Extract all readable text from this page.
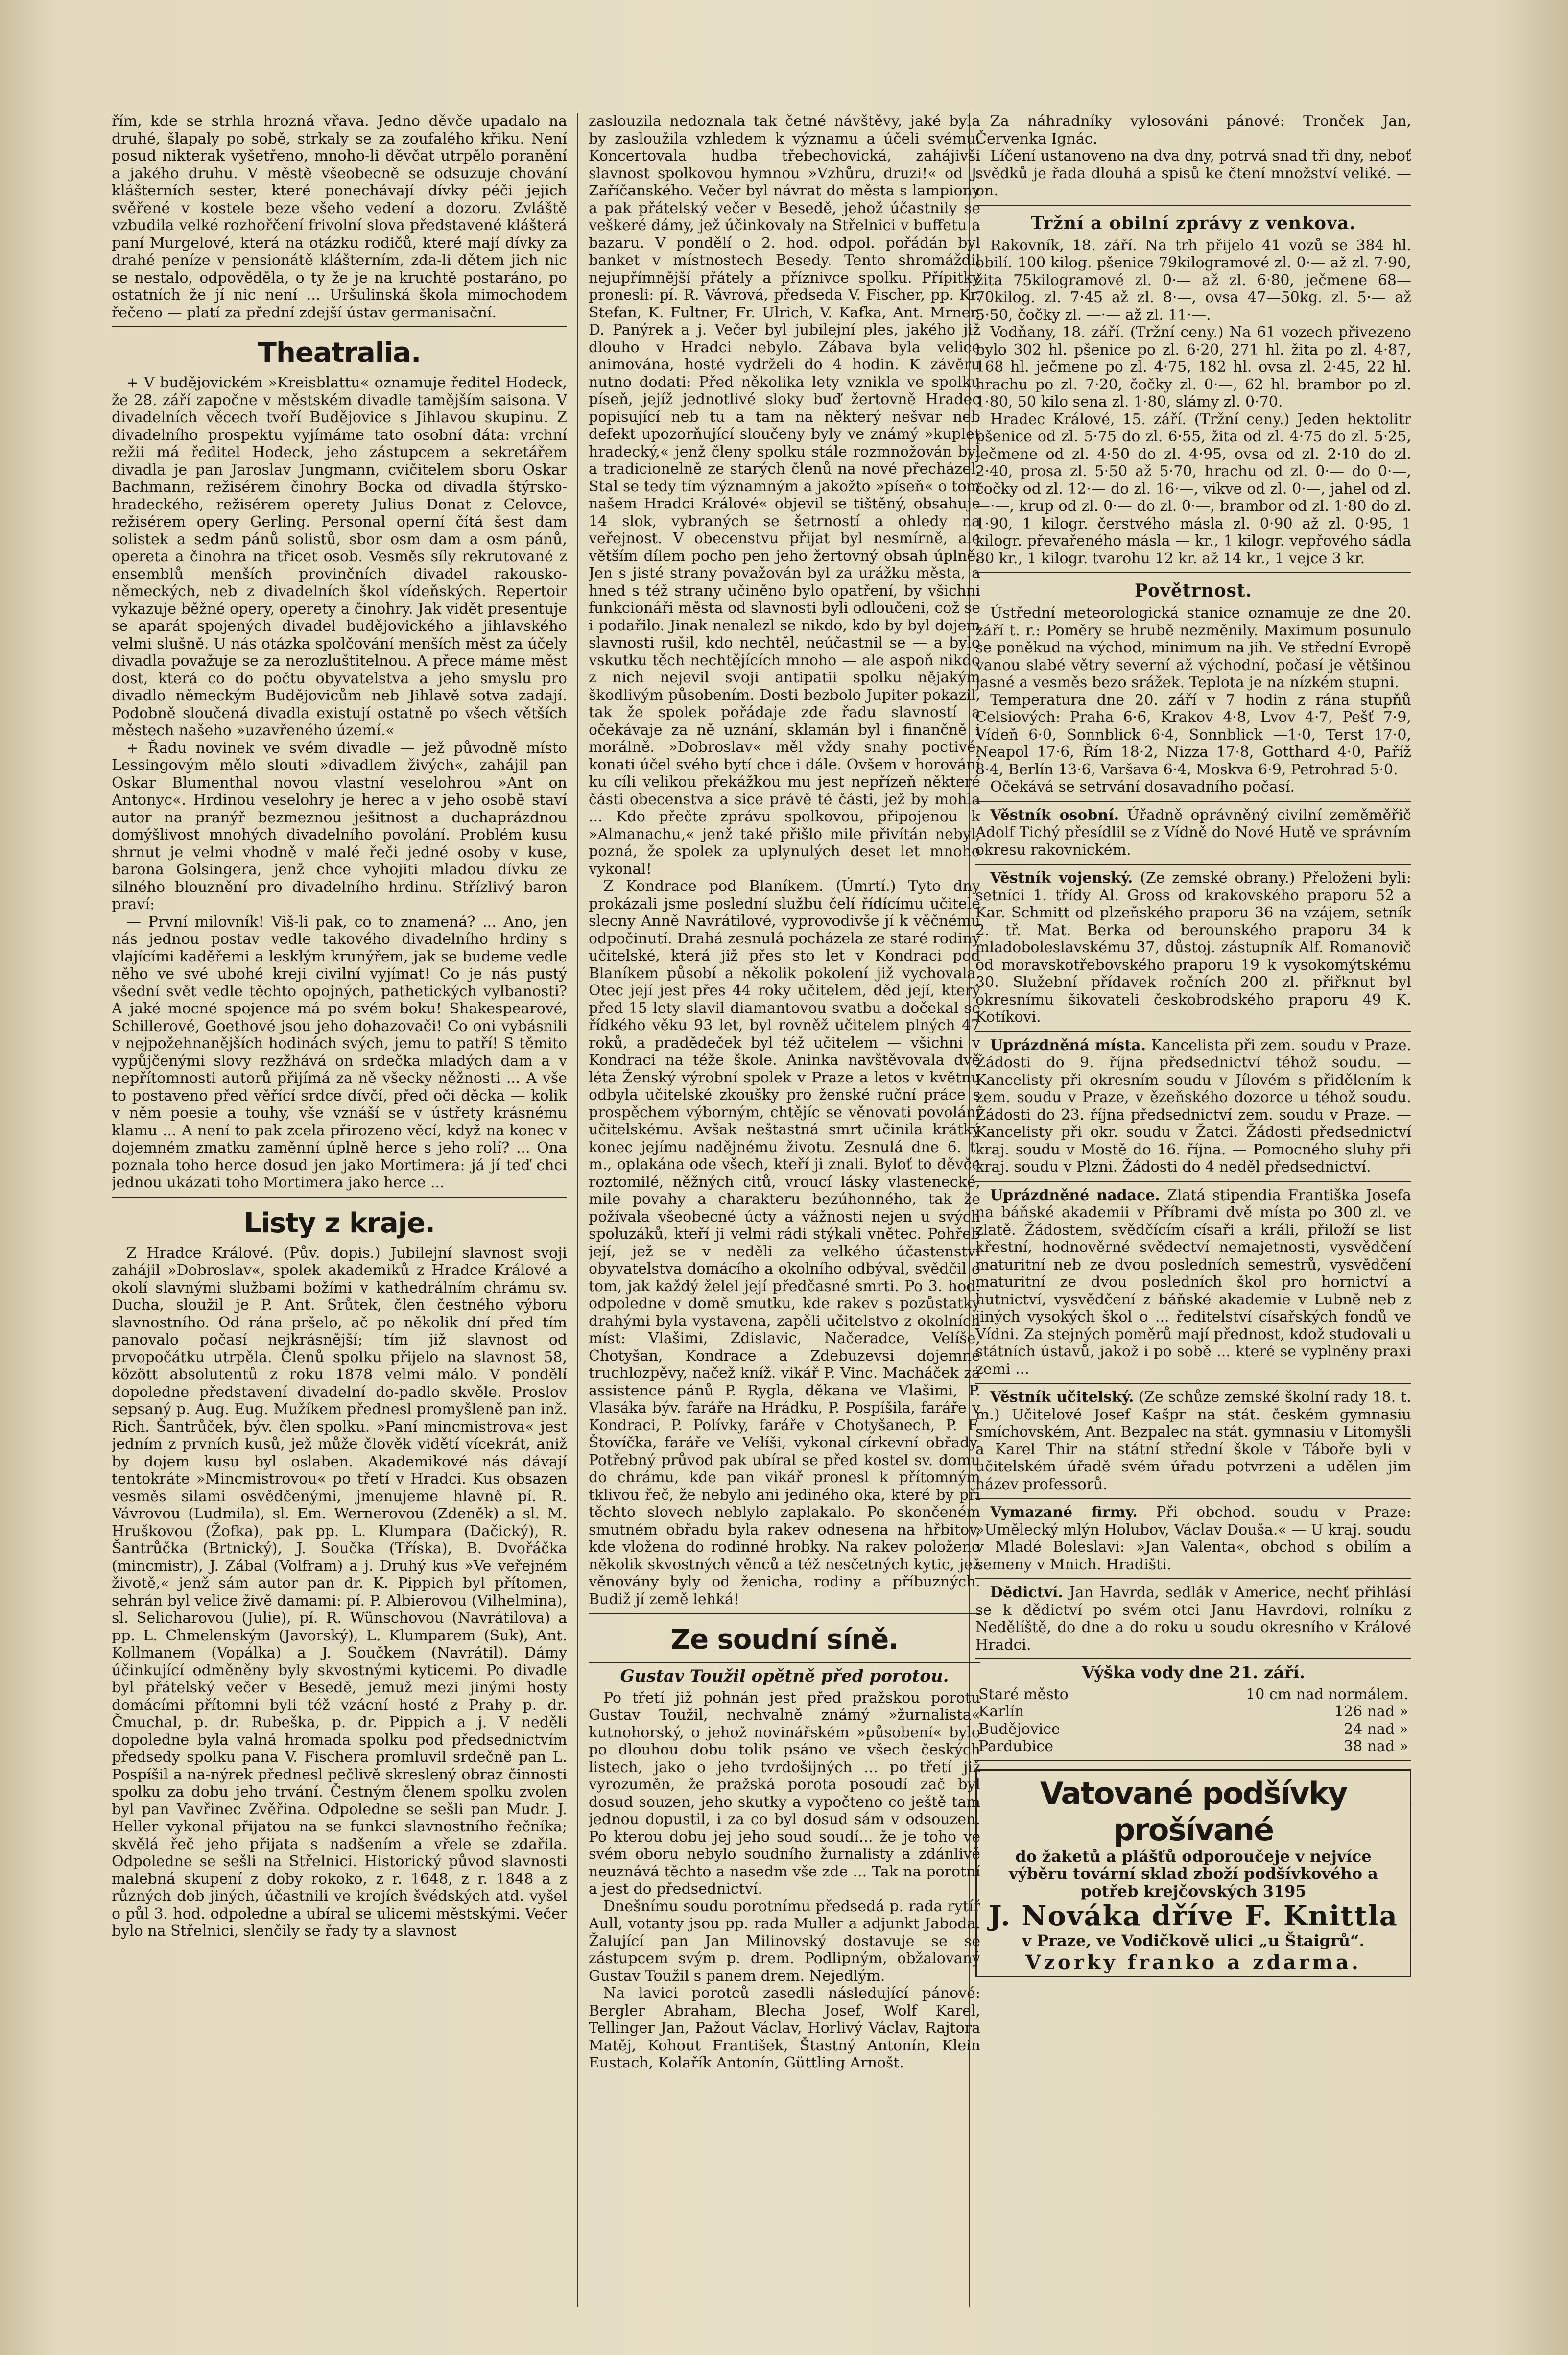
řím, kde se strhla hrozná vřava. Jedno děvče upadalo na druhé, šlapaly po sobě, strkaly se za zoufalého křiku. Není posud nikterak vyšetřeno, mnoho-li děvčat utrpělo poranění a jakého druhu. V městě všeobecně se odsuzuje chování klášterních sester, které ponechávají dívky péči jejich svěřené v kostele beze všeho vedení a dozoru. Zvláště vzbudila velké rozhořčení frivolní slova představené klášterá paní Murgelové, která na otázku rodičů, které mají dívky za drahé peníze v pensionátě klášterním, zda-li dětem jich nic se nestalo, odpověděla, o ty že je na kruchtě postaráno, po ostatních že jí nic není ... Uršulinská škola mimochodem řečeno — platí za přední zdejší ústav germanisační.

Theatralia.

+ V budějovickém »Kreisblattu« oznamuje ředitel Hodeck, že 28. září započne v městském divadle tamějším saisona. V divadelních věcech tvoří Budějovice s Jihlavou skupinu. Z divadelního prospektu vyjímáme tato osobní dáta: vrchní režii má ředitel Hodeck, jeho zástupcem a sekretářem divadla je pan Jaroslav Jungmann, cvičitelem sboru Oskar Bachmann, režisérem činohry Bocka od divadla štýrsko-hradeckého, režisérem operety Julius Donat z Celovce, režisérem opery Gerling. Personal operní čítá šest dam solistek a sedm pánů solistů, sbor osm dam a osm pánů, opereta a činohra na třicet osob. Vesměs síly rekrutované z ensemblů menších provinčních divadel rakousko-německých, neb z divadelních škol vídeňských. Repertoir vykazuje běžné opery, operety a činohry. Jak vidět presentuje se aparát spojených divadel budějovického a jihlavského velmi slušně. U nás otázka spolčování menších měst za účely divadla považuje se za nerozluštitelnou. A přece máme měst dost, která co do počtu obyvatelstva a jeho smyslu pro divadlo německým Budějovicům neb Jihlavě sotva zadají. Podobně sloučená divadla existují ostatně po všech větších městech našeho »uzavřeného území.«

+ Řadu novinek ve svém divadle — jež původně místo Lessingovým mělo slouti »divadlem živých«, zahájil pan Oskar Blumenthal novou vlastní veselohrou »Ant on Antonyc«. Hrdinou veselohry je herec a v jeho osobě staví autor na pranýř bezmeznou ješitnost a duchaprázdnou domýšlivost mnohých divadelního povolání. Problém kusu shrnut je velmi vhodně v malé řeči jedné osoby v kuse, barona Golsingera, jenž chce vyhojiti mladou dívku ze silného blouznění pro divadelního hrdinu. Střízlivý baron praví:

— První milovník! Viš-li pak, co to znamená? ... Ano, jen nás jednou postav vedle takového divadelního hrdiny s vlajícími kaděřemi a lesklým krunýřem, jak se budeme vedle něho ve své ubohé kreji civilní vyjímat! Co je nás pustý všední svět vedle těchto opojných, pathetických vylbanosti? A jaké mocné spojence má po svém boku! Shakespearové, Schillerové, Goethové jsou jeho dohazovači! Co oni vybásnili v nejpožehnanějších hodinách svých, jemu to patří! S těmito vypůjčenými slovy rezžhává on srdečka mladých dam a v nepřítomnosti autorů přijímá za ně všecky něžnosti ... A vše to postaveno před věřící srdce dívčí, před oči děcka — kolik v něm poesie a touhy, vše vznáší se v ústřety krásnému klamu ... A není to pak zcela přirozeno věcí, když na konec v dojemném zmatku zaměnní úplně herce s jeho rolí? ... Ona poznala toho herce dosud jen jako Mortimera: já jí teď chci jednou ukázati toho Mortimera jako herce ...

Listy z kraje.

Z Hradce Králové. (Pův. dopis.) Jubilejní slavnost svoji zahájil »Dobroslav«, spolek akademiků z Hradce Králové a okolí slavnými službami božími v kathedrálním chrámu sv. Ducha, sloužil je P. Ant. Srůtek, člen čestného výboru slavnostního. Od rána pršelo, ač po několik dní před tím panovalo počasí nejkrásnější; tím již slavnost od prvopočátku utrpěla. Členů spolku přijelo na slavnost 58, között absolutentů z roku 1878 velmi málo. V pondělí dopoledne představení divadelní do-padlo skvěle. Proslov sepsaný p. Aug. Eug. Mužíkem přednesl promyšleně pan inž. Rich. Šantrůček, býv. člen spolku. »Paní mincmistrova« jest jedním z prvních kusů, jež může člověk vidětí vícekrát, aniž by dojem kusu byl oslaben. Akademikové nás dávají tentokráte »Mincmistrovou« po třetí v Hradci. Kus obsazen vesměs silami osvědčenými, jmenujeme hlavně pí. R. Vávrovou (Ludmila), sl. Em. Wernerovou (Zdeněk) a sl. M. Hruškovou (Žofka), pak pp. L. Klumpara (Dačický), R. Šantrůčka (Brtnický), J. Součka (Tříska), B. Dvořáčka (mincmistr), J. Zábal (Volfram) a j. Druhý kus »Ve veřejném životě,« jenž sám autor pan dr. K. Pippich byl přítomen, sehrán byl velice živě damami: pí. P. Albierovou (Vilhelmina), sl. Selicharovou (Julie), pí. R. Wünschovou (Navrátilova) a pp. L. Chmelenským (Javorský), L. Klumparem (Suk), Ant. Kollmanem (Vopálka) a J. Součkem (Navrátil). Dámy účinkující odměněny byly skvostnými kyticemi. Po divadle byl přátelský večer v Besedě, jemuž mezi jinými hosty domácími přítomni byli též vzácní hosté z Prahy p. dr. Čmuchal, p. dr. Rubeška, p. dr. Pippich a j. V neděli dopoledne byla valná hromada spolku pod předsednictvím předsedy spolku pana V. Fischera promluvil srdečně pan L. Pospíšil a na-nýrek přednesl pečlivě skreslený obraz činnosti spolku za dobu jeho trvání. Čestným členem spolku zvolen byl pan Vavřinec Zvěřina. Odpoledne se sešli pan Mudr. J. Heller vykonal přijatou na se funkci slavnostního řečníka; skvělá řeč jeho přijata s nadšením a vřele se zdařila. Odpoledne se sešli na Střelnici. Historický původ slavnosti malebná skupení z doby rokoko, z r. 1648, z r. 1848 a z různých dob jiných, účastnili ve krojích švédských atd. vyšel o půl 3. hod. odpoledne a ubíral se ulicemi městskými. Večer bylo na Střelnici, slenčily se řady ty a slavnost

zaslouzila nedoznala tak četné návštěvy, jaké byla by zasloužila vzhledem k významu a účeli svému. Koncertovala hudba třebechovická, zahájivši slavnost spolkovou hymnou »Vzhůru, druzi!« od J. Zaříčanského. Večer byl návrat do města s lampiony a pak přátelský večer v Besedě, jehož účastnily se veškeré dámy, jež účinkovaly na Střelnici v buffetu a bazaru. V pondělí o 2. hod. odpol. pořádán byl banket v místnostech Besedy. Tento shromáždil nejupřímnější přátely a příznivce spolku. Přípitky pronesli: pí. R. Vávrová, předseda V. Fischer, pp. Kr. Stefan, K. Fultner, Fr. Ulrich, V. Kafka, Ant. Mrner, D. Panýrek a j. Večer byl jubilejní ples, jakého již dlouho v Hradci nebylo. Zábava byla velice animována, hosté vydrželi do 4 hodin. K závěru nutno dodati: Před několika lety vznikla ve spolku píseň, jejíž jednotlivé sloky buď žertovně Hradec popisující neb tu a tam na některý nešvar neb defekt upozorňující sloučeny byly ve známý »kuplet hradecký,« jenž členy spolku stále rozmnožován byl a tradicionelně ze starých členů na nové přecházel. Stal se tedy tím významným a jakožto »píseň« o tom našem Hradci Králové« objevil se tištěný, obsahuje 14 slok, vybraných se šetrností a ohledy na veřejnost. V obecenstvu přijat byl nesmírně, ale větším dílem pocho pen jeho žertovný obsah úplně. Jen s jisté strany považován byl za urážku města, a hned s též strany učiněno bylo opatření, by všichni funkcionáři města od slavnosti byli odloučeni, což se i podařilo. Jinak nenalezl se nikdo, kdo by byl dojem slavnosti rušil, kdo nechtěl, neúčastnil se — a bylo vskutku těch nechtějících mnoho — ale aspoň nikdo z nich nejevil svoji antipatii spolku nějakým škodlivým působením. Dosti bezbolo Jupiter pokazil, tak že spolek pořádaje zde řadu slavností a očekávaje za ně uznání, sklamán byl i finančně i morálně. »Dobroslav« měl vždy snahy poctivé, konati účel svého bytí chce i dále. Ovšem v horování ku cíli velikou překážkou mu jest nepřízeň některé části obecenstva a sice právě té části, jež by mohla ... Kdo přečte zprávu spolkovou, připojenou k »Almanachu,« jenž také přišlo mile přivítán nebyl, pozná, že spolek za uplynulých deset let mnoho vykonal!

Z Kondrace pod Blaníkem. (Úmrtí.) Tyto dny prokázali jsme poslední službu čelí řídícímu učitele slecny Anně Navrátilové, vyprovodivše jí k věčnému odpočinutí. Drahá zesnulá pocházela ze staré rodiny učitelské, která již přes sto let v Kondraci pod Blaníkem působí a několik pokolení již vychovala. Otec její jest přes 44 roky učitelem, děd její, který před 15 lety slavil diamantovou svatbu a dočekal se řídkého věku 93 let, byl rovněž učitelem plných 47 roků, a pradědeček byl též učitelem — všichni v Kondraci na téže škole. Aninka navštěvovala dvě léta Ženský výrobní spolek v Praze a letos v květnu odbyla učitelské zkoušky pro ženské ruční práce s prospěchem výborným, chtějíc se věnovati povolání učitelskému. Avšak neštastná smrt učinila krátký konec jejímu nadějnému životu. Zesnulá dne 6. t. m., oplakána ode všech, kteří ji znali. Byloť to děvče roztomilé, něžných citů, vroucí lásky vlastenecké, mile povahy a charakteru bezúhonného, tak že požívala všeobecné úcty a vážnosti nejen u svých spoluzáků, kteří ji velmi rádi stýkali vnětec. Pohřeb její, jež se v neděli za velkého účastenství obyvatelstva domácího a okolního odbýval, svědčil o tom, jak každý želel její předčasné smrti. Po 3. hod. odpoledne v domě smutku, kde rakev s pozůstatky drahými byla vystavena, zapěli učitelstvo z okolních míst: Vlašimi, Zdislavic, Načeradce, Velíše, Chotyšan, Kondrace a Zdebuzevsi dojemné truchlozpěvy, načež kníž. vikář P. Vinc. Macháček za assistence pánů P. Rygla, děkana ve Vlašimi, P. Vlasáka býv. faráře na Hrádku, P. Pospíšila, faráře v Kondraci, P. Polívky, faráře v Chotyšanech, P. F. Štovíčka, faráře ve Velíši, vykonal církevní obřady. Potřebný průvod pak ubíral se před kostel sv. domu do chrámu, kde pan vikář pronesl k přítomným tklivou řeč, že nebylo ani jediného oka, které by při těchto slovech neblylo zaplakalo. Po skončeném smutném obřadu byla rakev odnesena na hřbitov, kde vložena do rodinné hrobky. Na rakev položeno několik skvostných věnců a též nesčetných kytic, jež věnovány byly od ženicha, rodiny a příbuzných. Budiž jí země lehká!

Ze soudní síně.
Gustav Toužil opětně před porotou.

Po třetí již pohnán jest před pražskou porotu Gustav Toužil, nechvalně známý »žurnalista« kutnohorský, o jehož novinářském »působení« bylo po dlouhou dobu tolik psáno ve všech českých listech, jako o jeho tvrdošijných ... po třetí již vyrozuměn, že pražská porota posoudí zač byl dosud souzen, jeho skutky a vypočteno co ještě tam jednou dopustil, i za co byl dosud sám v odsouzen. Po kterou dobu jej jeho soud soudí... že je toho ve svém oboru nebylo soudního žurnalisty a zdánlivě neuznává těchto a nasedm vše zde ... Tak na porotní a jest do předsednictví.

Dnešnímu soudu porotnímu předsedá p. rada rytíř Aull, votanty jsou pp. rada Muller a adjunkt Jaboda. Žalující pan Jan Milinovský dostavuje se se zástupcem svým p. drem. Podlipným, obžalovaný Gustav Toužil s panem drem. Nejedlým.

Na lavici porotců zasedli následující pánové: Bergler Abraham, Blecha Josef, Wolf Karel, Tellinger Jan, Pažout Václav, Horlivý Václav, Rajtora Matěj, Kohout František, Štastný Antonín, Klein Eustach, Kolařík Antonín, Güttling Arnošt.

Za náhradníky vylosováni pánové: Tronček Jan, Červenka Ignác.

Líčení ustanoveno na dva dny, potrvá snad tři dny, neboť svědků je řada dlouhá a spisů ke čtení množství veliké. —on.

Tržní a obilní zprávy z venkova.

Rakovník, 18. září. Na trh přijelo 41 vozů se 384 hl. obilí. 100 kilog. pšenice 79kilogramové zl. 0·— až zl. 7·90, žita 75kilogramové zl. 0·— až zl. 6·80, ječmene 68—70kilog. zl. 7·45 až zl. 8·—, ovsa 47—50kg. zl. 5·— až 5·50, čočky zl. —·— až zl. 11·—.

Vodňany, 18. září. (Tržní ceny.) Na 61 vozech přivezeno bylo 302 hl. pšenice po zl. 6·20, 271 hl. žita po zl. 4·87, 168 hl. ječmene po zl. 4·75, 182 hl. ovsa zl. 2·45, 22 hl. hrachu po zl. 7·20, čočky zl. 0·—, 62 hl. brambor po zl. 1·80, 50 kilo sena zl. 1·80, slámy zl. 0·70.

Hradec Králové, 15. září. (Tržní ceny.) Jeden hektolitr pšenice od zl. 5·75 do zl. 6·55, žita od zl. 4·75 do zl. 5·25, ječmene od zl. 4·50 do zl. 4·95, ovsa od zl. 2·10 do zl. 2·40, prosa zl. 5·50 až 5·70, hrachu od zl. 0·— do 0·—, čočky od zl. 12·— do zl. 16·—, vikve od zl. 0·—, jahel od zl. —·—, krup od zl. 0·— do zl. 0·—, brambor od zl. 1·80 do zl. 1·90, 1 kilogr. čerstvého másla zl. 0·90 až zl. 0·95, 1 kilogr. převařeného másla — kr., 1 kilogr. vepřového sádla 80 kr., 1 kilogr. tvarohu 12 kr. až 14 kr., 1 vejce 3 kr.

Povětrnost.

Ústřední meteorologická stanice oznamuje ze dne 20. září t. r.: Poměry se hrubě nezměnily. Maximum posunulo se poněkud na východ, minimum na jih. Ve střední Evropě vanou slabé větry severní až východní, počasí je většinou jasné a vesměs bezo srážek. Teplota je na nízkém stupni.

Temperatura dne 20. září v 7 hodin z rána stupňů Celsiových: Praha 6·6, Krakov 4·8, Lvov 4·7, Pešť 7·9, Vídeň 6·0, Sonnblick 6·4, Sonnblick —1·0, Terst 17·0, Neapol 17·6, Řím 18·2, Nizza 17·8, Gotthard 4·0, Paříž 8·4, Berlín 13·6, Varšava 6·4, Moskva 6·9, Petrohrad 5·0.

Očekává se setrvání dosavadního počasí.

Věstník osobní. Úřadně oprávněný civilní zeměměřič Adolf Tichý přesídlil se z Vídně do Nové Hutě ve správním okresu rakovnickém.

Věstník vojenský. (Ze zemské obrany.) Přeloženi byli: setníci 1. třídy Al. Gross od krakovského praporu 52 a Kar. Schmitt od plzeňského praporu 36 na vzájem, setník 2. tř. Mat. Berka od berounského praporu 34 k mladoboleslavskému 37, důstoj. zástupník Alf. Romanovič od moravskotřebovského praporu 19 k vysokomýtskému 30. Služební přídavek ročních 200 zl. přiřknut byl okresnímu šikovateli českobrodského praporu 49 K. Kotíkovi.

Uprázdněná místa. Kancelista při zem. soudu v Praze. Žádosti do 9. října předsednictví téhož soudu. — Kancelisty při okresním soudu v Jílovém s přidělením k zem. soudu v Praze, v ězeňského dozorce u téhož soudu. Žádosti do 23. října předsednictví zem. soudu v Praze. — Kancelisty při okr. soudu v Žatci. Žádosti předsednictví kraj. soudu v Mostě do 16. října. — Pomocného sluhy při kraj. soudu v Plzni. Žádosti do 4 neděl předsednictví.

Uprázdněné nadace. Zlatá stipendia Františka Josefa na báňské akademii v Příbrami dvě místa po 300 zl. ve zlatě. Žádostem, svědčícím císaři a králi, přiloží se list křestní, hodnověrné svědectví nemajetnosti, vysvědčení maturitní neb ze dvou posledních semestrů, vysvědčení maturitní ze dvou posledních škol pro hornictví a hutnictví, vysvědčení z báňské akademie v Lubně neb z jiných vysokých škol o ... ředitelství císařských fondů ve Vídni. Za stejných poměrů mají přednost, kdož studovali u státních ústavů, jakož i po sobě ... které se vyplněny praxi zemi ...

Věstník učitelský. (Ze schůze zemské školní rady 18. t. m.) Učitelové Josef Kašpr na stát. českém gymnasiu smíchovském, Ant. Bezpalec na stát. gymnasiu v Litomyšli a Karel Thir na státní střední škole v Táboře byli v učitelském úřadě svém úřadu potvrzeni a udělen jim název professorů.

Vymazané firmy. Při obchod. soudu v Praze: »Umělecký mlýn Holubov, Václav Douša.« — U kraj. soudu v Mladé Boleslavi: »Jan Valenta«, obchod s obilím a semeny v Mnich. Hradišti.

Dědictví. Jan Havrda, sedlák v Americe, nechť přihlásí se k dědictví po svém otci Janu Havrdovi, rolníku z Nedělíště, do dne a do roku u soudu okresního v Králové Hradci.

Výška vody dne 21. září.
Staré město	10 cm nad normálem.
Karlín	126 nad »
Budějovice	24 nad »
Pardubice	38 nad »
Vatované podšívky prošívané
do žaketů a plášťů odporoučeje v nejvíce výběru tovární sklad zboží podšívkového a potřeb krejčovských 3195
J. Nováka dříve F. Knittla
v Praze, ve Vodičkově ulici „u Štaigrů“.
Vzorky franko a zdarma.
